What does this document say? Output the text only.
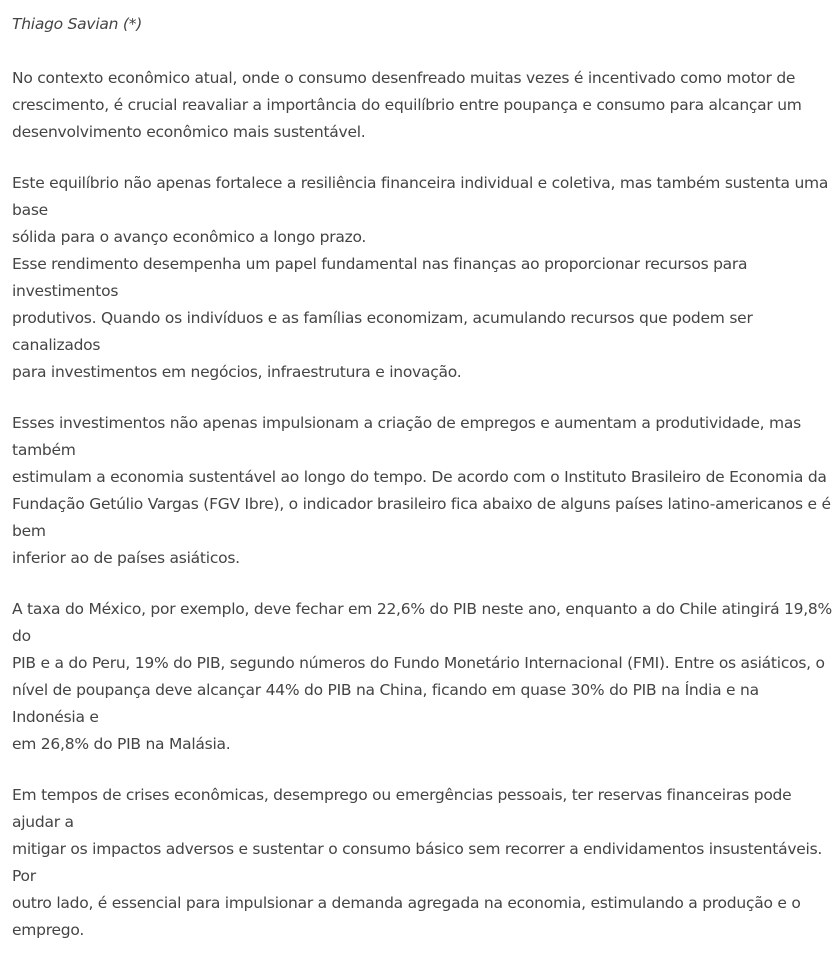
Thiago Savian (*)

No contexto econômico atual, onde o consumo desenfreado muitas vezes é incentivado como motor de
crescimento, é crucial reavaliar a importância do equilíbrio entre poupança e consumo para alcançar um
desenvolvimento econômico mais sustentável.

Este equilíbrio não apenas fortalece a resiliência financeira individual e coletiva, mas também sustenta uma base
sólida para o avanço econômico a longo prazo.
Esse rendimento desempenha um papel fundamental nas finanças ao proporcionar recursos para investimentos
produtivos. Quando os indivíduos e as famílias economizam, acumulando recursos que podem ser canalizados
para investimentos em negócios, infraestrutura e inovação.

Esses investimentos não apenas impulsionam a criação de empregos e aumentam a produtividade, mas também
estimulam a economia sustentável ao longo do tempo. De acordo com o Instituto Brasileiro de Economia da
Fundação Getúlio Vargas (FGV Ibre), o indicador brasileiro fica abaixo de alguns países latino-americanos e é bem
inferior ao de países asiáticos.

A taxa do México, por exemplo, deve fechar em 22,6% do PIB neste ano, enquanto a do Chile atingirá 19,8% do
PIB e a do Peru, 19% do PIB, segundo números do Fundo Monetário Internacional (FMI). Entre os asiáticos, o
nível de poupança deve alcançar 44% do PIB na China, ficando em quase 30% do PIB na Índia e na Indonésia e
em 26,8% do PIB na Malásia.

Em tempos de crises econômicas, desemprego ou emergências pessoais, ter reservas financeiras pode ajudar a
mitigar os impactos adversos e sustentar o consumo básico sem recorrer a endividamentos insustentáveis. Por
outro lado, é essencial para impulsionar a demanda agregada na economia, estimulando a produção e o
emprego.
